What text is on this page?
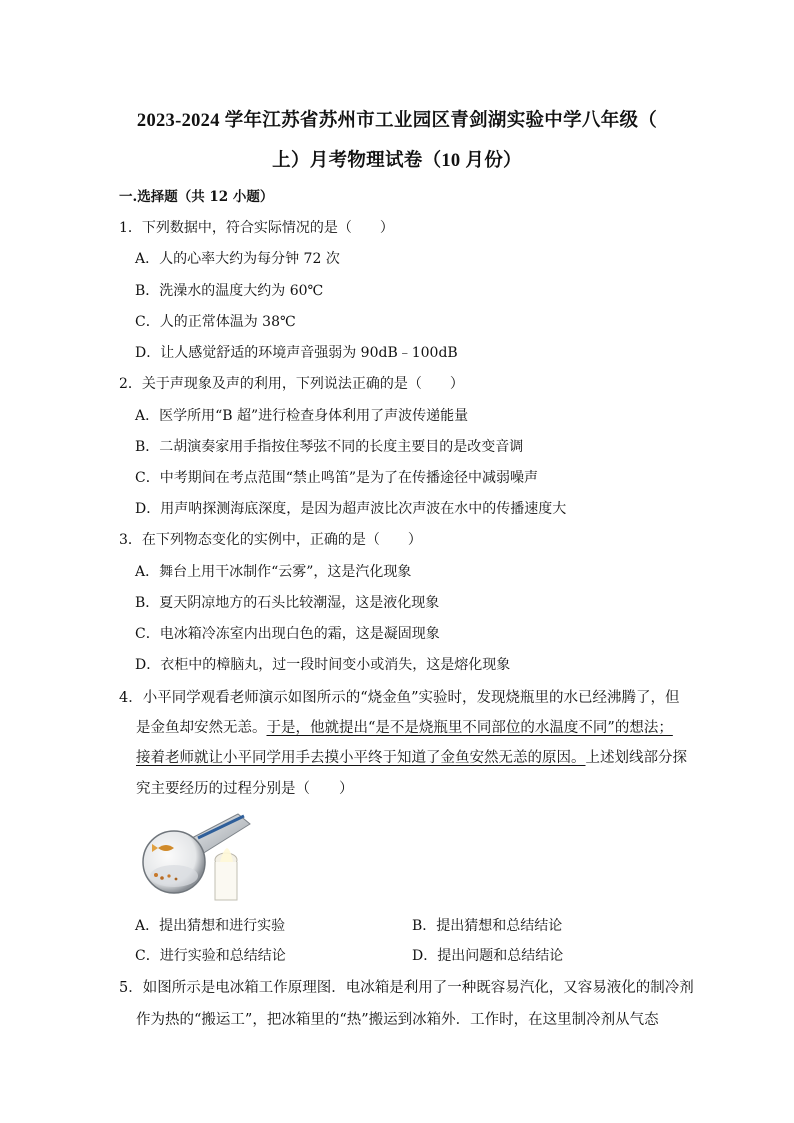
2023-2024 学年江苏省苏州市工业园区青剑湖实验中学八年级（
上）月考物理试卷（10 月份）
一.选择题（共 12 小题）
1．下列数据中，符合实际情况的是（　　）
A．人的心率大约为每分钟 72 次
B．洗澡水的温度大约为 60℃
C．人的正常体温为 38℃
D．让人感觉舒适的环境声音强弱为 90dB﹣100dB
2．关于声现象及声的利用，下列说法正确的是（　　）
A．医学所用“B 超”进行检查身体利用了声波传递能量
B．二胡演奏家用手指按住琴弦不同的长度主要目的是改变音调
C．中考期间在考点范围“禁止鸣笛”是为了在传播途径中减弱噪声
D．用声呐探测海底深度，是因为超声波比次声波在水中的传播速度大
3．在下列物态变化的实例中，正确的是（　　）
A．舞台上用干冰制作“云雾”，这是汽化现象
B．夏天阴凉地方的石头比较潮湿，这是液化现象
C．电冰箱冷冻室内出现白色的霜，这是凝固现象
D．衣柜中的樟脑丸，过一段时间变小或消失，这是熔化现象
4．小平同学观看老师演示如图所示的“烧金鱼”实验时，发现烧瓶里的水已经沸腾了，但
是金鱼却安然无恙。于是，他就提出“是不是烧瓶里不同部位的水温度不同”的想法；
接着老师就让小平同学用手去摸小平终于知道了金鱼安然无恙的原因。上述划线部分探
究主要经历的过程分别是（　　）
A．提出猜想和进行实验	B．提出猜想和总结结论
C．进行实验和总结结论	D．提出问题和总结结论
5．如图所示是电冰箱工作原理图．电冰箱是利用了一种既容易汽化，又容易液化的制冷剂
作为热的“搬运工”，把冰箱里的“热”搬运到冰箱外．工作时，在这里制冷剂从气态
